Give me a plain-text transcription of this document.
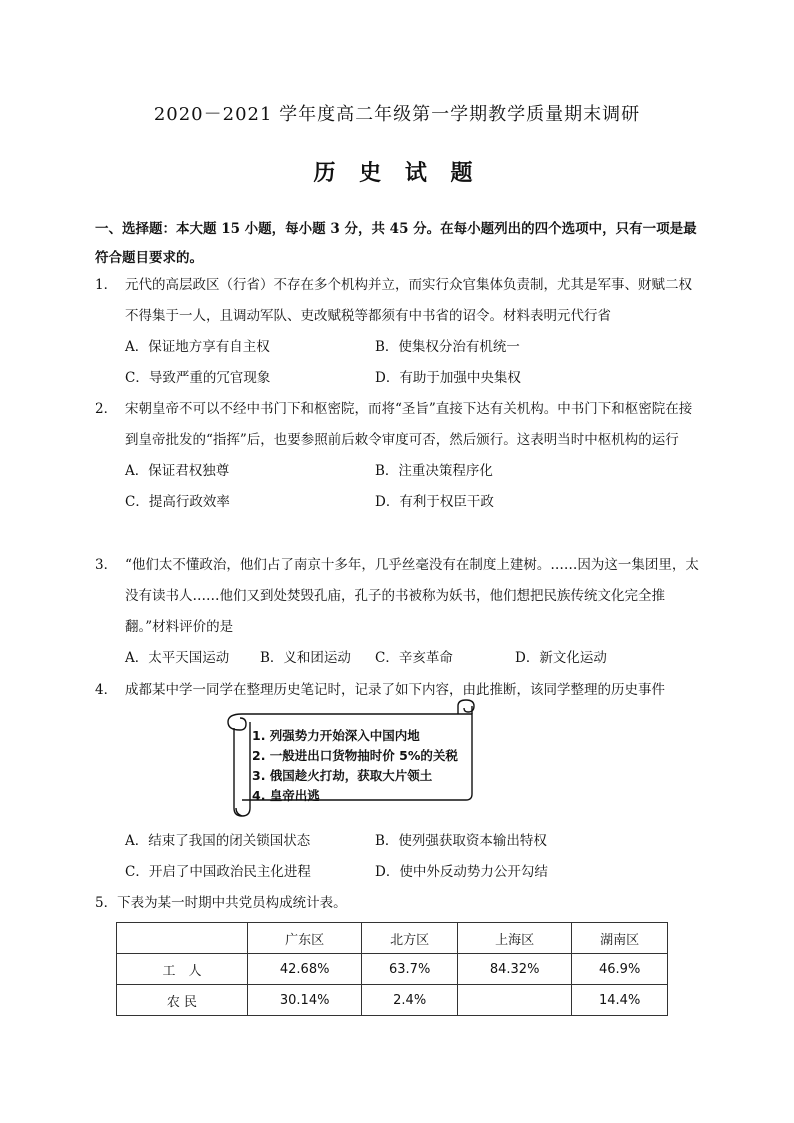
2020－2021 学年度高二年级第一学期教学质量期末调研
历 史 试 题
一、选择题：本大题 15 小题，每小题 3 分，共 45 分。在每小题列出的四个选项中，只有一项是最符合题目要求的。
1． 元代的高层政区（行省）不存在多个机构并立，而实行众官集体负责制，尤其是军事、财赋二权不得集于一人，且调动军队、吏改赋税等都须有中书省的诏令。材料表明元代行省
A．保证地方享有自主权	B．使集权分治有机统一
C．导致严重的冗官现象	D．有助于加强中央集权
2． 宋朝皇帝不可以不经中书门下和枢密院，而将“圣旨”直接下达有关机构。中书门下和枢密院在接到皇帝批发的“指挥”后，也要参照前后敕令审度可否，然后颁行。这表明当时中枢机构的运行
A．保证君权独尊	B．注重决策程序化
C．提高行政效率	D．有利于权臣干政
3． “他们太不懂政治，他们占了南京十多年，几乎丝毫没有在制度上建树。……因为这一集团里，太没有读书人……他们又到处焚毁孔庙，孔子的书被称为妖书，他们想把民族传统文化完全推翻。”材料评价的是
A．太平天国运动 B．义和团运动 C．辛亥革命	D．新文化运动
4． 成都某中学一同学在整理历史笔记时，记录了如下内容，由此推断，该同学整理的历史事件
1. 列强势力开始深入中国内地
2. 一般进出口货物抽时价 5%的关税
3. 俄国趁火打劫，获取大片领土
4. 皇帝出逃
A．结束了我国的闭关锁国状态	B．使列强获取资本输出特权
C．开启了中国政治民主化进程	D．使中外反动势力公开勾结
5．下表为某一时期中共党员构成统计表。
	广东区	北方区	上海区	湖南区
工　人	42.68%	63.7%	84.32%	46.9%
农 民	30.14%	2.4%		14.4%
